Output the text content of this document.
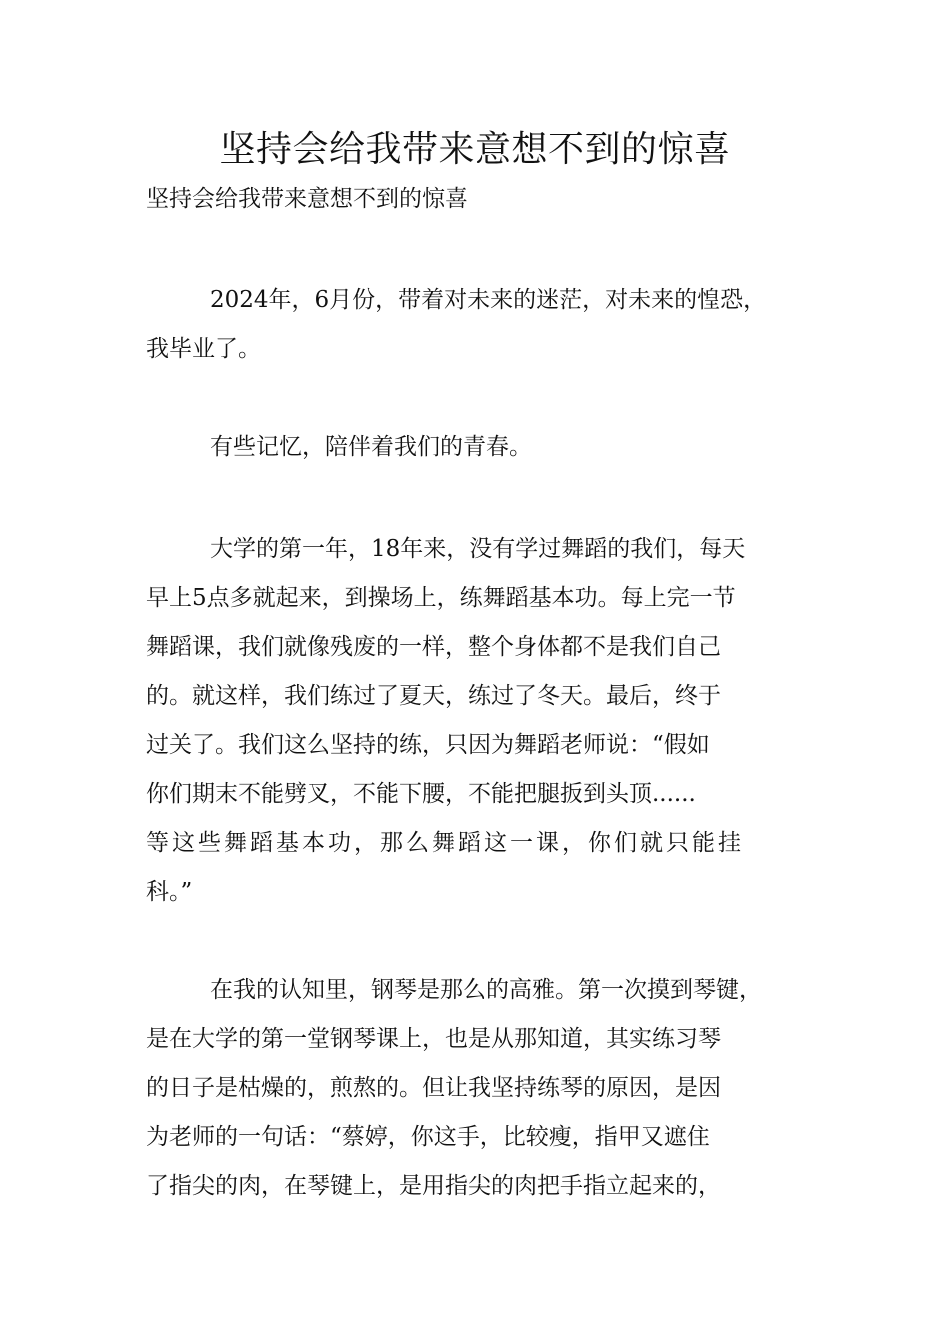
坚持会给我带来意想不到的惊喜

坚持会给我带来意想不到的惊喜

2024年，6月份，带着对未来的迷茫，对未来的惶恐，
我毕业了。
有些记忆，陪伴着我们的青春。
大学的第一年，18年来，没有学过舞蹈的我们，每天
早上5点多就起来，到操场上，练舞蹈基本功。每上完一节
舞蹈课，我们就像残废的一样，整个身体都不是我们自己
的。就这样，我们练过了夏天，练过了冬天。最后，终于
过关了。我们这么坚持的练，只因为舞蹈老师说：“假如
你们期末不能劈叉，不能下腰，不能把腿扳到头顶......
等这些舞蹈基本功，那么舞蹈这一课，你们就只能挂
科。”
在我的认知里，钢琴是那么的高雅。第一次摸到琴键，
是在大学的第一堂钢琴课上，也是从那知道，其实练习琴
的日子是枯燥的，煎熬的。但让我坚持练琴的原因，是因
为老师的一句话：“蔡婷，你这手，比较瘦，指甲又遮住
了指尖的肉，在琴键上，是用指尖的肉把手指立起来的，
